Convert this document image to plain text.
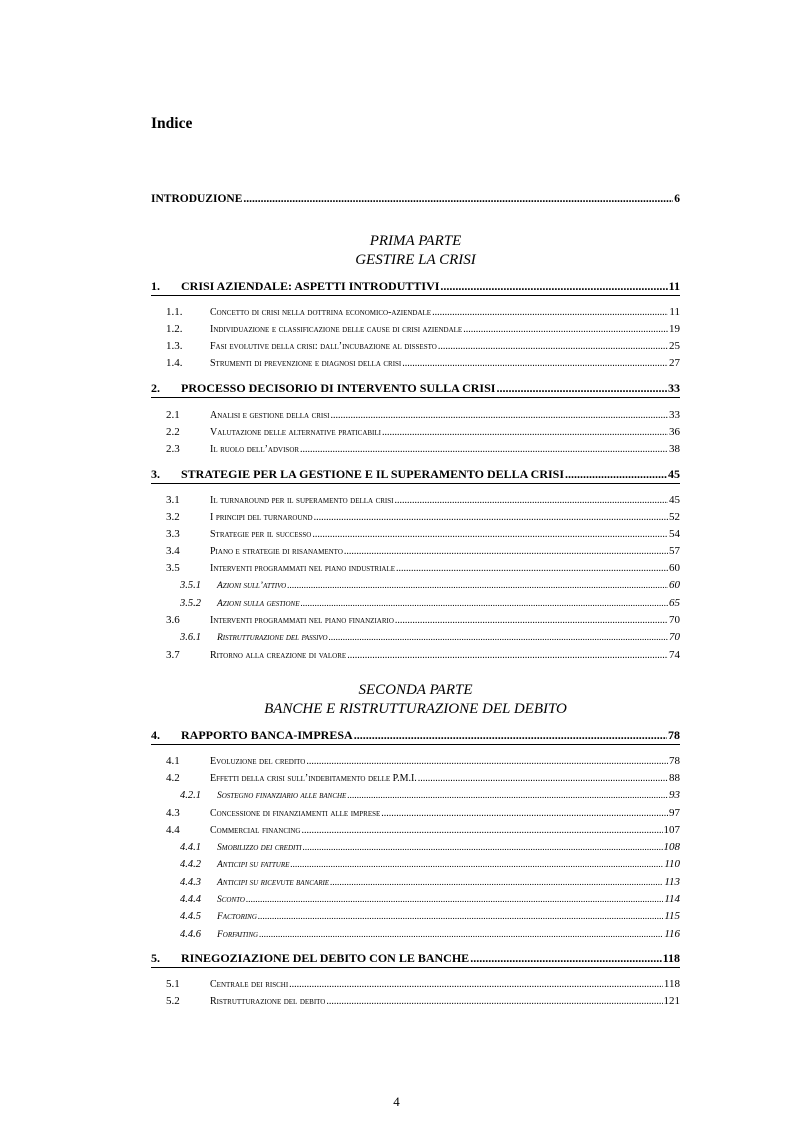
Indice
INTRODUZIONE .....	6
PRIMA PARTE
GESTIRE LA CRISI
1.	CRISI AZIENDALE: ASPETTI INTRODUTTIVI .....	11
1.1.	Concetto di crisi nella dottrina economico-aziendale .....	11
1.2.	Individuazione e classificazione delle cause di crisi aziendale .....	19
1.3.	Fasi evolutive della crisi: dall’incubazione al dissesto .....	25
1.4.	Strumenti di prevenzione e diagnosi della crisi .....	27
2.	PROCESSO DECISORIO DI INTERVENTO SULLA CRISI .....	33
2.1	Analisi e gestione della crisi .....	33
2.2	Valutazione delle alternative praticabili .....	36
2.3	Il ruolo dell’advisor .....	38
3.	STRATEGIE PER LA GESTIONE E IL SUPERAMENTO DELLA CRISI .....	45
3.1	Il turnaround per il superamento della crisi .....	45
3.2	I principi del turnaround .....	52
3.3	Strategie per il successo .....	54
3.4	Piano e strategie di risanamento .....	57
3.5	Interventi programmati nel piano industriale .....	60
3.5.1	Azioni sull’attivo .....	60
3.5.2	Azioni sulla gestione .....	65
3.6	Interventi programmati nel piano finanziario .....	70
3.6.1	Ristrutturazione del passivo .....	70
3.7	Ritorno alla creazione di valore .....	74
SECONDA PARTE
BANCHE E RISTRUTTURAZIONE DEL DEBITO
4.	RAPPORTO BANCA-IMPRESA .....	78
4.1	Evoluzione del credito .....	78
4.2	Effetti della crisi sull’indebitamento delle P.M.I. .....	88
4.2.1	Sostegno finanziario alle banche .....	93
4.3	Concessione di finanziamenti alle imprese .....	97
4.4	Commercial financing .....	107
4.4.1	Smobilizzo dei crediti .....	108
4.4.2	Anticipi su fatture .....	110
4.4.3	Anticipi su ricevute bancarie .....	113
4.4.4	Sconto .....	114
4.4.5	Factoring .....	115
4.4.6	Forfaiting .....	116
5.	RINEGOZIAZIONE DEL DEBITO CON LE BANCHE .....	118
5.1	Centrale dei rischi .....	118
5.2	Ristrutturazione del debito .....	121
4
